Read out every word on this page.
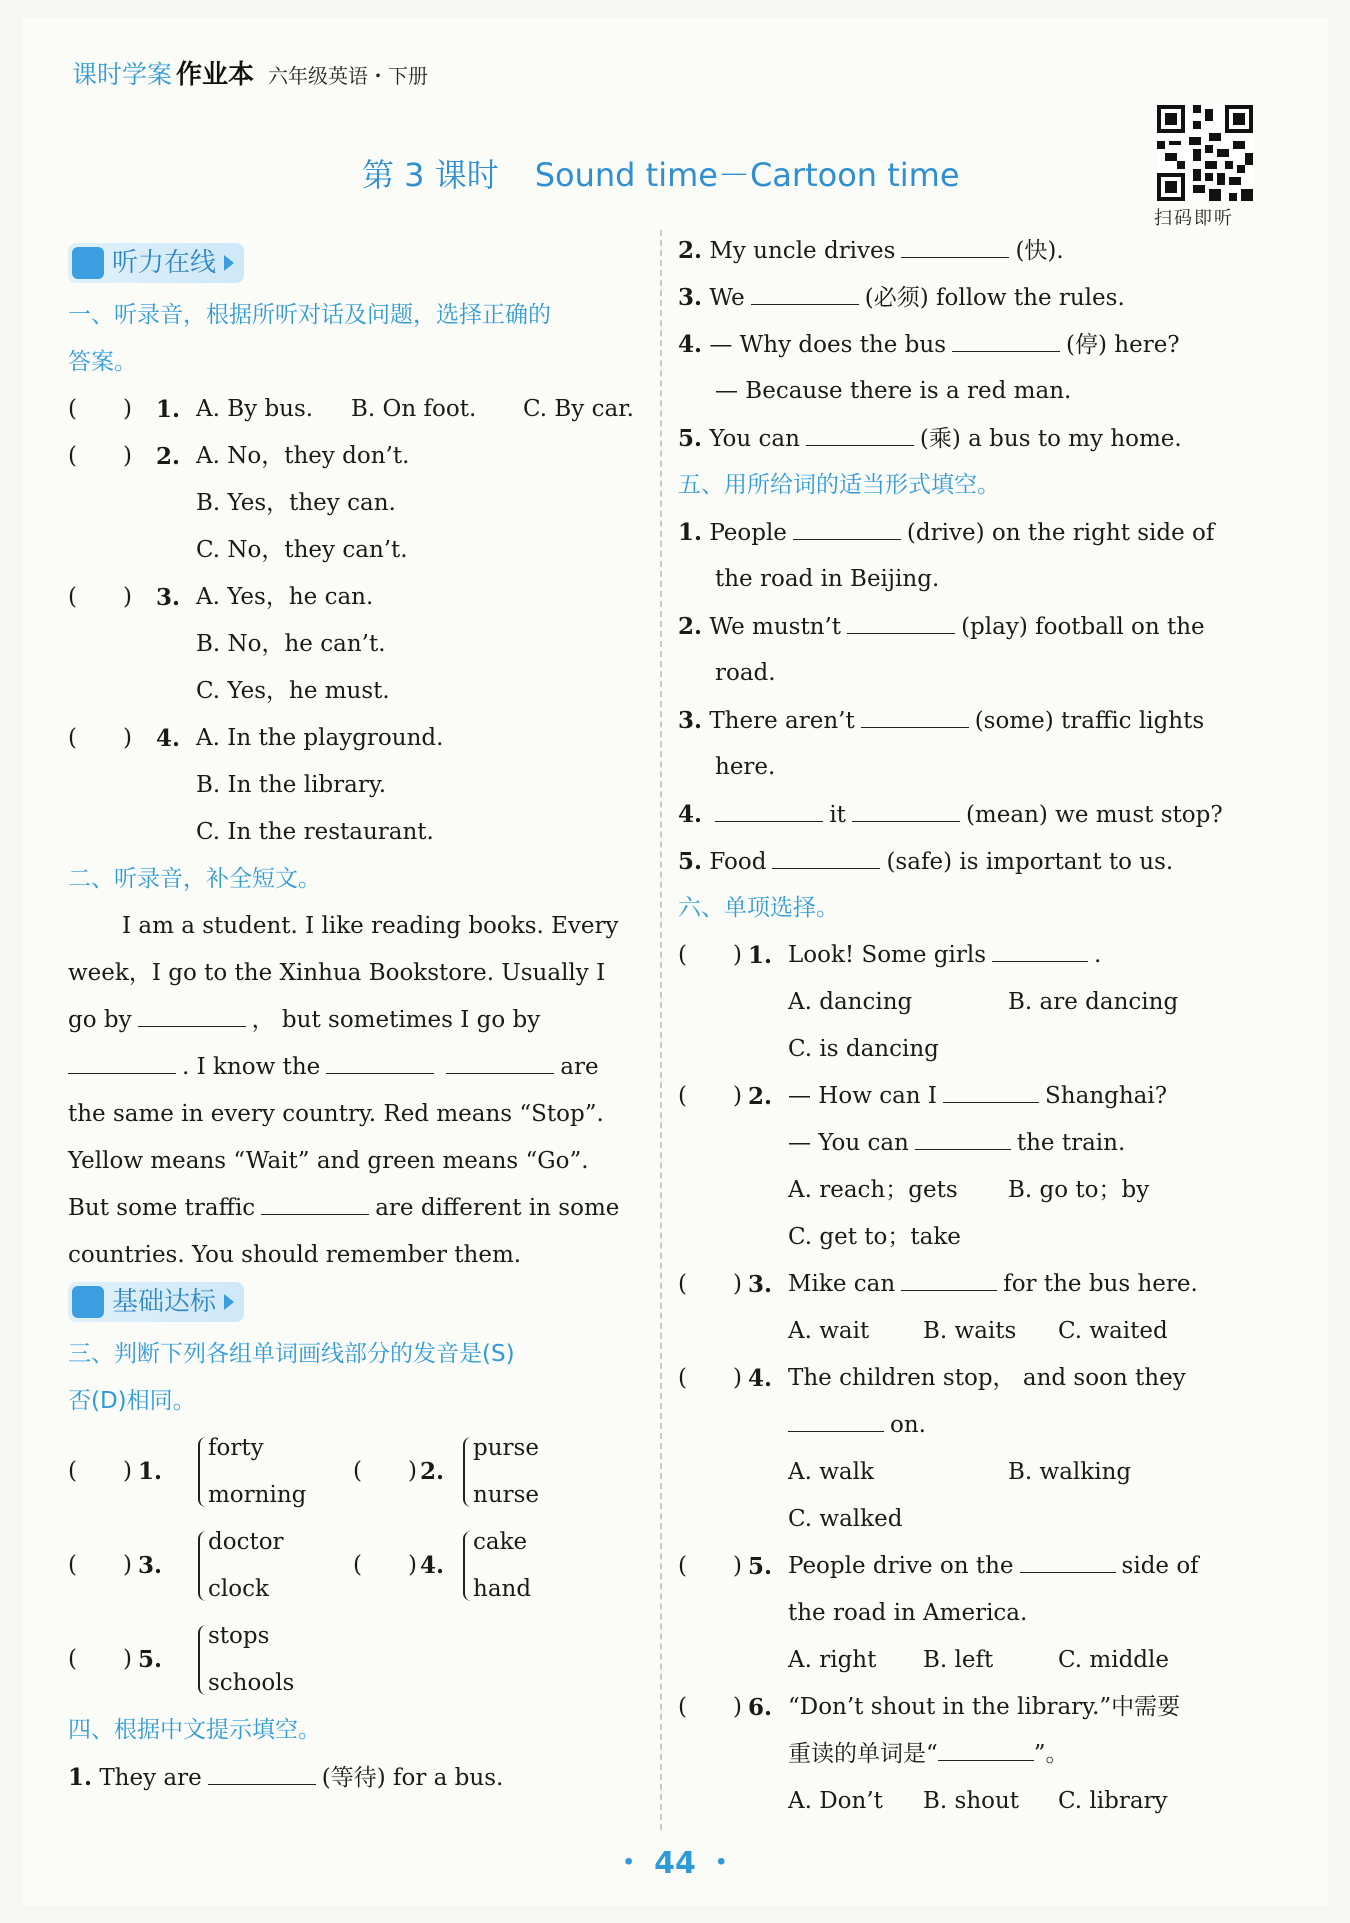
课时学案 作业本 六年级英语・下册
第 3 课时 Sound time－Cartoon time
扫码即听
听力在线
一、听录音，根据所听对话及问题，选择正确的
答案。
(　　) 1. A. By bus. B. On foot. C. By car.
(　　) 2. A. No，they don’t.
B. Yes，they can.
C. No，they can’t.
(　　) 3. A. Yes，he can.
B. No，he can’t.
C. Yes，he must.
(　　) 4. A. In the playground.
B. In the library.
C. In the restaurant.
二、听录音，补全短文。
I am a student. I like reading books. Every
week，I go to the Xinhua Bookstore. Usually I
go by	， but sometimes I go by
. I know the	are
the same in every country. Red means “Stop”.
Yellow means “Wait” and green means “Go”.
But some traffic	are different in some
countries. You should remember them.
基础达标
三、判断下列各组单词画线部分的发音是(S)
否(D)相同。
(　　) 1.
forty
morning
(　　) 2.
purse
nurse
(　　) 3.
doctor
clock
(　　) 4.
cake
hand
(　　) 5.
stops
schools
四、根据中文提示填空。
1. They are	(等待) for a bus.
2. My uncle drives	(快).
3. We	(必须) follow the rules.
4. — Why does the bus	(停) here?
— Because there is a red man.
5. You can	(乘) a bus to my home.
五、用所给词的适当形式填空。
1. People	(drive) on the right side of
the road in Beijing.
2. We mustn’t	(play) football on the
road.
3. There aren’t	(some) traffic lights
here.
4.	it	(mean) we must stop?
5. Food	(safe) is important to us.
六、单项选择。
(　　) 1. Look! Some girls	.
A. dancing	B. are dancing
C. is dancing
(　　) 2. — How can I	Shanghai?
— You can	the train.
A. reach；gets B. go to；by
C. get to；take
(　　) 3. Mike can	for the bus here.
A. wait B. waits C. waited
(　　) 4. The children stop， and soon they
on.
A. walk	B. walking
C. walked
(　　) 5. People drive on the	side of
the road in America.
A. right B. left	C. middle
(　　) 6. “Don’t shout in the library.”中需要
重读的单词是“	”。
A. Don’t B. shout C. library
・ 44 ・
